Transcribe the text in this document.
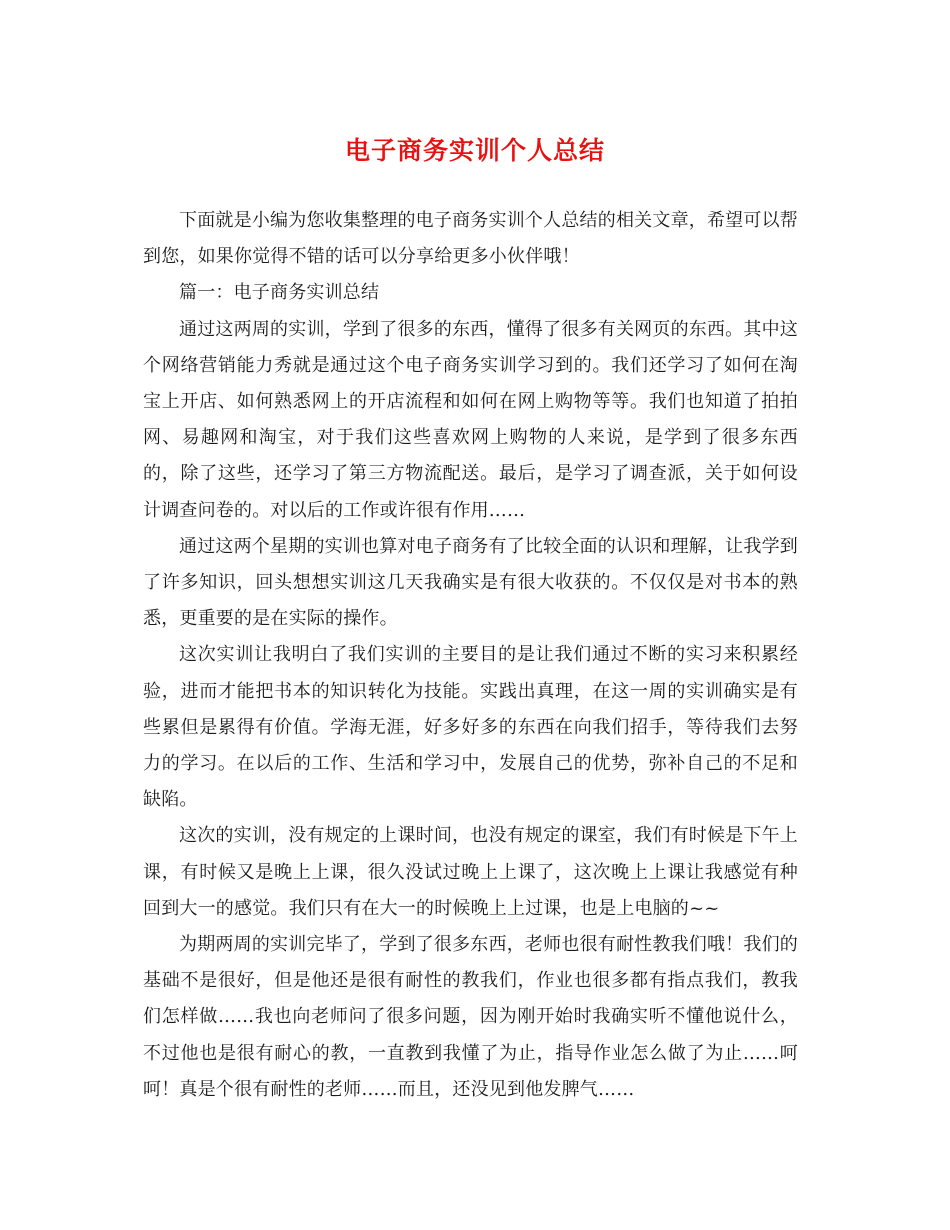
电子商务实训个人总结

下面就是小编为您收集整理的电子商务实训个人总结的相关文章，希望可以帮到您，如果你觉得不错的话可以分享给更多小伙伴哦！

篇一：电子商务实训总结

通过这两周的实训，学到了很多的东西，懂得了很多有关网页的东西。其中这个网络营销能力秀就是通过这个电子商务实训学习到的。我们还学习了如何在淘宝上开店、如何熟悉网上的开店流程和如何在网上购物等等。我们也知道了拍拍网、易趣网和淘宝，对于我们这些喜欢网上购物的人来说，是学到了很多东西的，除了这些，还学习了第三方物流配送。最后，是学习了调查派，关于如何设计调查问卷的。对以后的工作或许很有作用……

通过这两个星期的实训也算对电子商务有了比较全面的认识和理解，让我学到了许多知识，回头想想实训这几天我确实是有很大收获的。不仅仅是对书本的熟悉，更重要的是在实际的操作。

这次实训让我明白了我们实训的主要目的是让我们通过不断的实习来积累经验，进而才能把书本的知识转化为技能。实践出真理，在这一周的实训确实是有些累但是累得有价值。学海无涯，好多好多的东西在向我们招手，等待我们去努力的学习。在以后的工作、生活和学习中，发展自己的优势，弥补自己的不足和缺陷。

这次的实训，没有规定的上课时间，也没有规定的课室，我们有时候是下午上课，有时候又是晚上上课，很久没试过晚上上课了，这次晚上上课让我感觉有种回到大一的感觉。我们只有在大一的时候晚上上过课，也是上电脑的~~

为期两周的实训完毕了，学到了很多东西，老师也很有耐性教我们哦！我们的基础不是很好，但是他还是很有耐性的教我们，作业也很多都有指点我们，教我们怎样做……我也向老师问了很多问题，因为刚开始时我确实听不懂他说什么，不过他也是很有耐心的教，一直教到我懂了为止，指导作业怎么做了为止……呵呵！真是个很有耐性的老师……而且，还没见到他发脾气……
